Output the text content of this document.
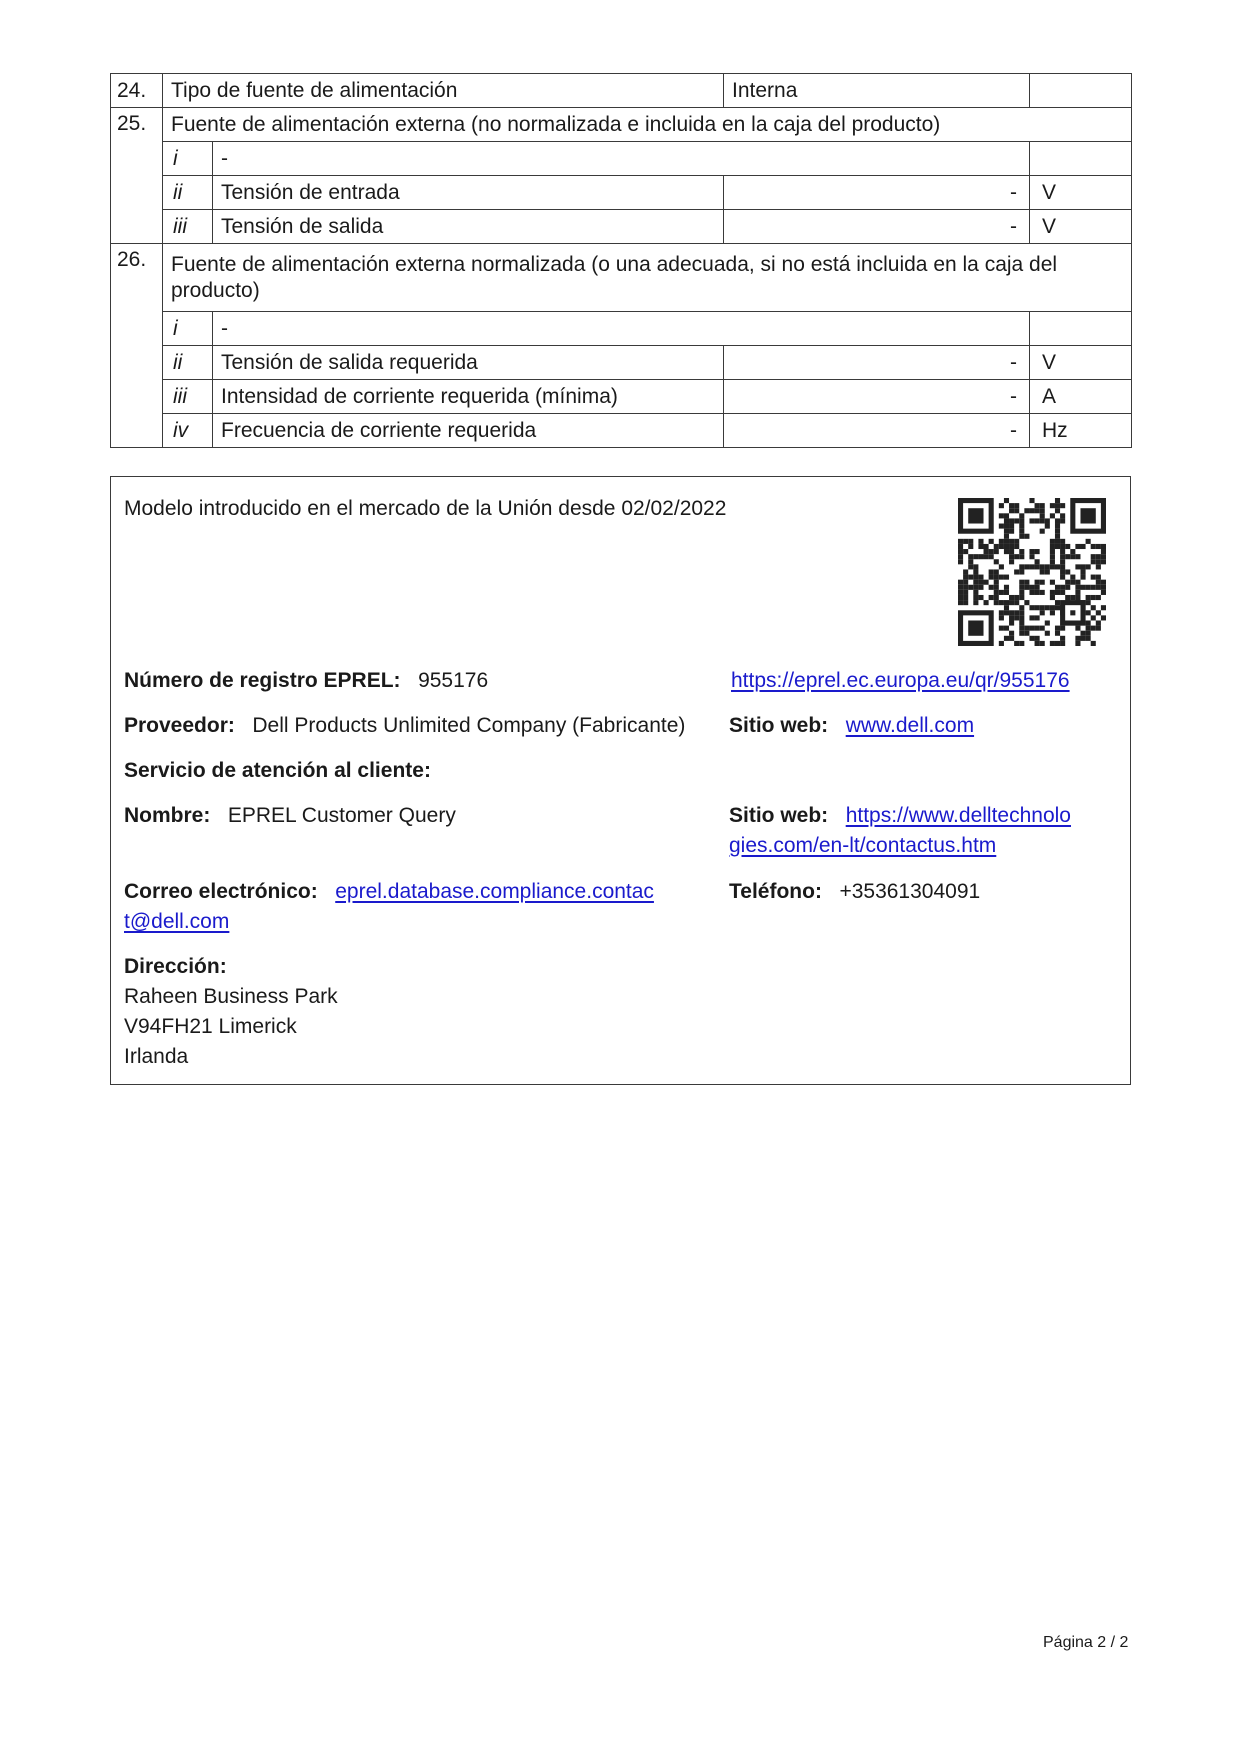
24.	Tipo de fuente de alimentación		Interna	
25.	Fuente de alimentación externa (no normalizada e incluida en la caja del producto)			
	i	-		
	ii	Tensión de entrada	-	V
	iii	Tensión de salida	-	V
26.	Fuente de alimentación externa normalizada (o una adecuada, si no está incluida en la caja del producto)			
	i	-		
	ii	Tensión de salida requerida	-	V
	iii	Intensidad de corriente requerida (mínima)	-	A
	iv	Frecuencia de corriente requerida	-	Hz
Modelo introducido en el mercado de la Unión desde 02/02/2022
Número de registro EPREL: 955176	https://eprel.ec.europa.eu/qr/955176
Proveedor: Dell Products Unlimited Company (Fabricante) Sitio web: www.dell.com
Servicio de atención al cliente:
Nombre: EPREL Customer Query	Sitio web: https://www.delltechnolo
gies.com/en-lt/contactus.htm
Correo electrónico: eprel.database.compliance.contac
t@dell.com
Teléfono: +35361304091
Dirección:
Raheen Business Park
V94FH21 Limerick
Irlanda
Página 2 / 2
